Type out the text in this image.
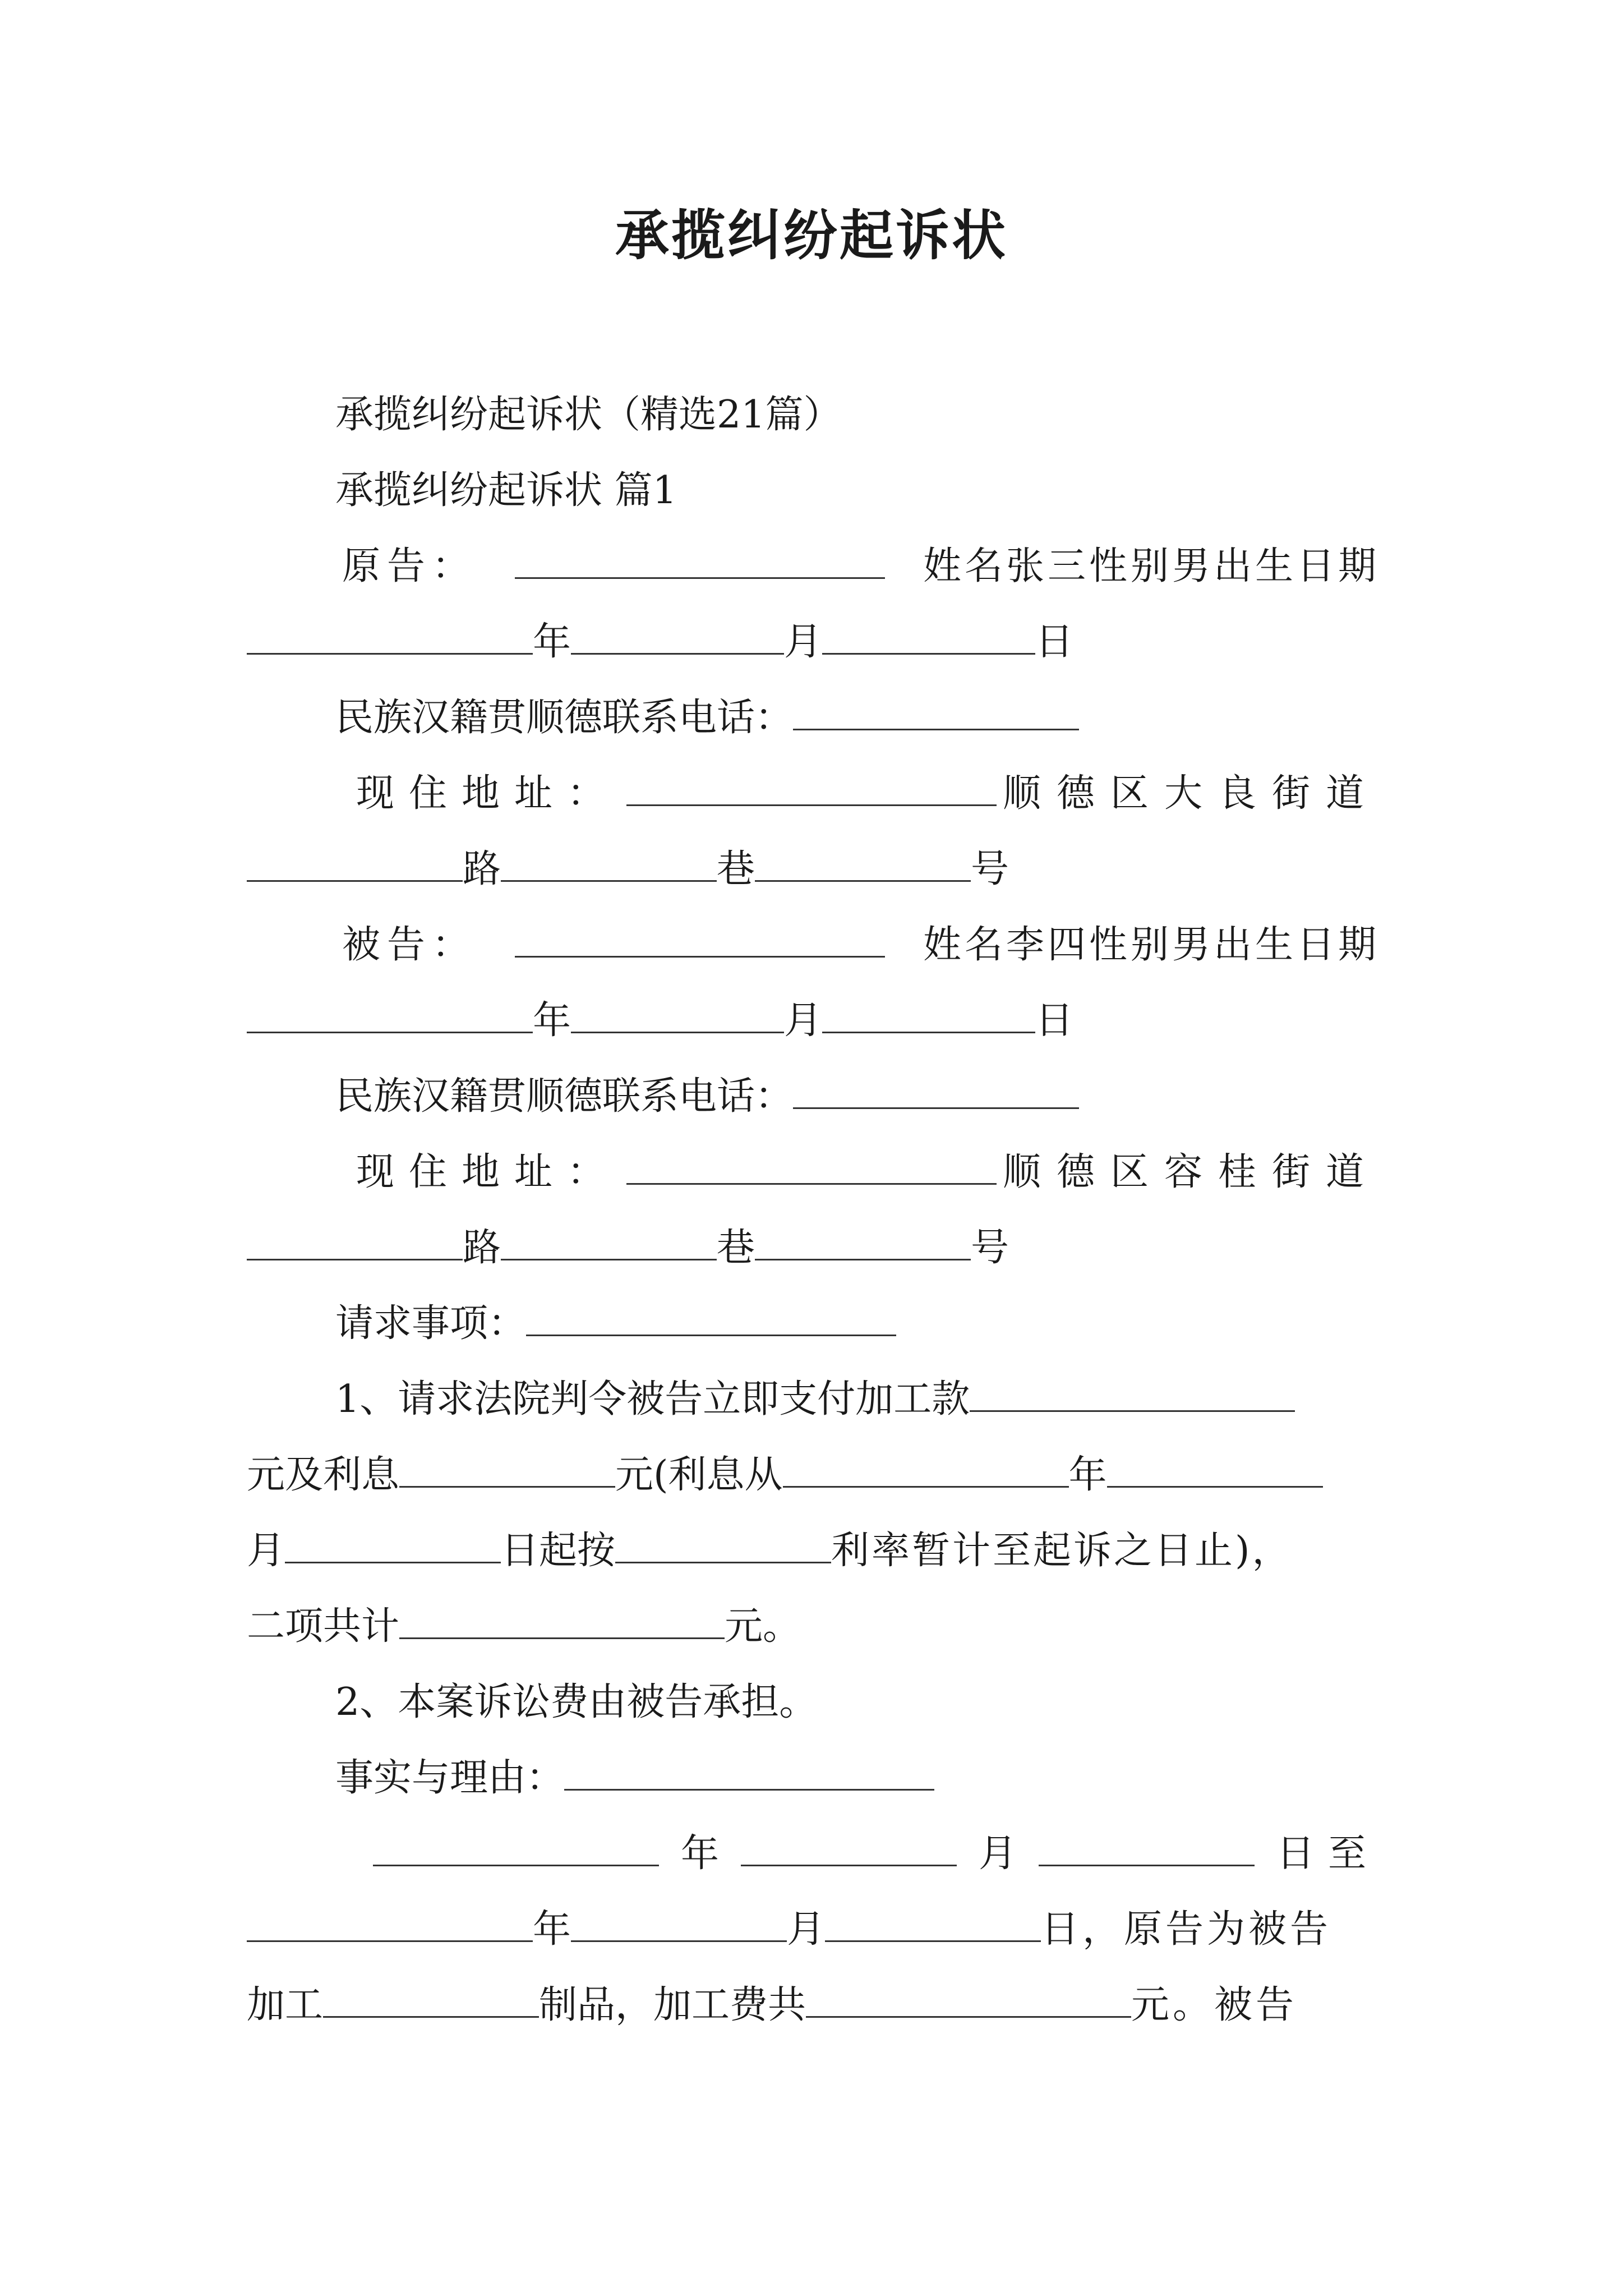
承揽纠纷起诉状

承揽纠纷起诉状（精选21篇）

承揽纠纷起诉状 篇1

原告：	姓名张三性别男出生日期
年	月	日
民族汉籍贯顺德联系电话：
现住地址：	顺德区大良街道
路	巷	号
被告：	姓名李四性别男出生日期
年	月	日
民族汉籍贯顺德联系电话：
现住地址：	顺德区容桂街道
路	巷	号
请求事项：
1、请求法院判令被告立即支付加工款
元及利息	元(利息从	年
月	日起按	利率暂计至起诉之日止)，
二项共计	元。

2、本案诉讼费由被告承担。

事实与理由：
年	月	日至
年	月	日，原告为被告
加工	制品，加工费共	元。被告
